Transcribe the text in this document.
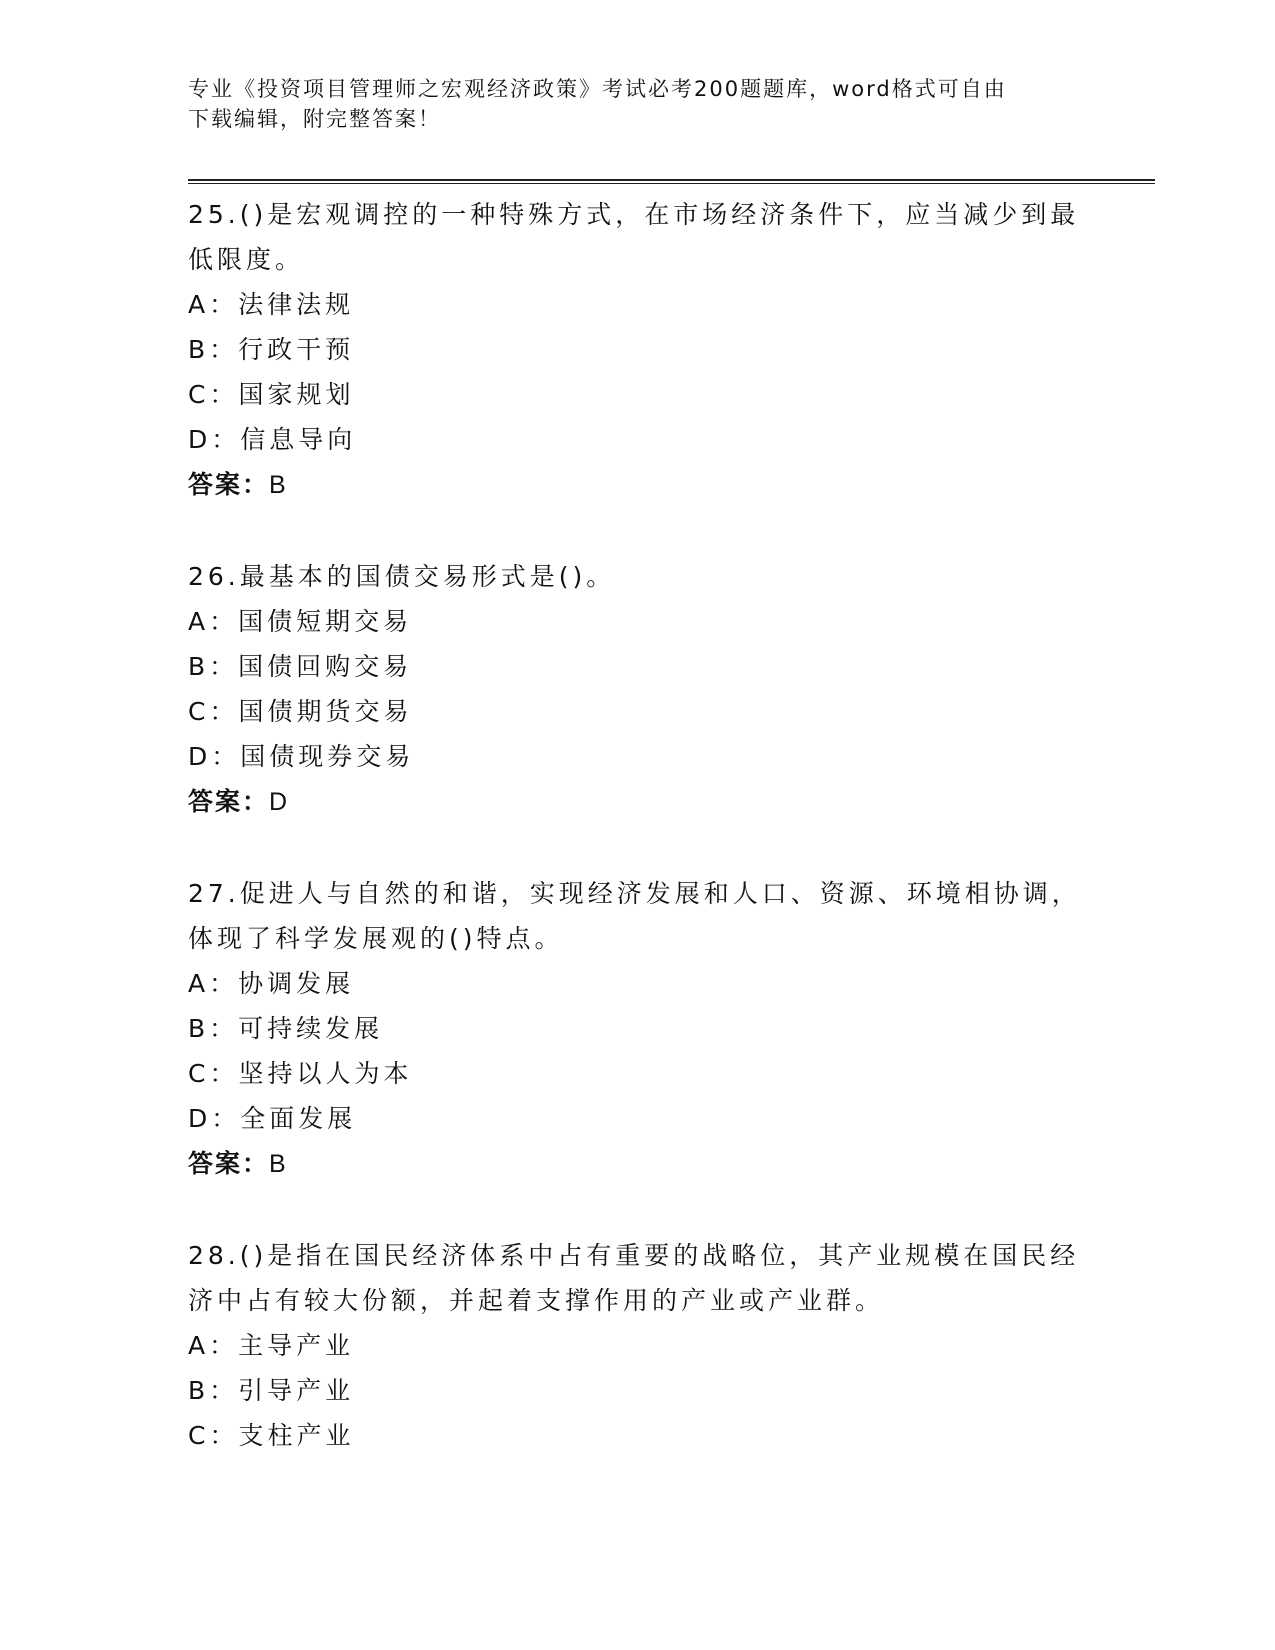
专业《投资项目管理师之宏观经济政策》考试必考200题题库，word格式可自由
下载编辑，附完整答案！

25.()是宏观调控的一种特殊方式，在市场经济条件下，应当减少到最低限度。

A：法律法规

B：行政干预

C：国家规划

D：信息导向

答案：B

26.最基本的国债交易形式是()。

A：国债短期交易

B：国债回购交易

C：国债期货交易

D：国债现券交易

答案：D

27.促进人与自然的和谐，实现经济发展和人口、资源、环境相协调，体现了科学发展观的()特点。

A：协调发展

B：可持续发展

C：坚持以人为本

D：全面发展

答案：B

28.()是指在国民经济体系中占有重要的战略位，其产业规模在国民经济中占有较大份额，并起着支撑作用的产业或产业群。

A：主导产业

B：引导产业

C：支柱产业
